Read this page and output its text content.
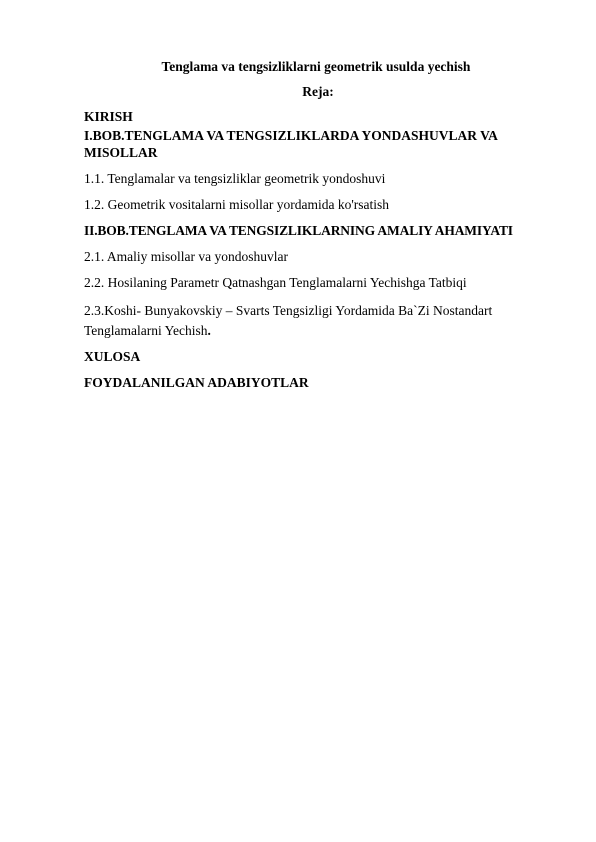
Tenglama va tengsizliklarni geometrik usulda yechish

Reja:

KIRISH
I.BOB.TENGLAMA VA TENGSIZLIKLARDA YONDASHUVLAR VA MISOLLAR
1.1. Tenglamalar va tengsizliklar geometrik yondoshuvi
1.2. Geometrik vositalarni misollar yordamida ko'rsatish
II.BOB.TENGLAMA VA TENGSIZLIKLARNING AMALIY AHAMIYATI
2.1. Amaliy misollar va yondoshuvlar
2.2. Hosilaning Parametr Qatnashgan Tenglamalarni Yechishga Tatbiqi
2.3.Koshi- Bunyakovskiy – Svarts Tengsizligi Yordamida Ba`Zi Nostandart Tenglamalarni Yechish.
XULOSA
FOYDALANILGAN ADABIYOTLAR
